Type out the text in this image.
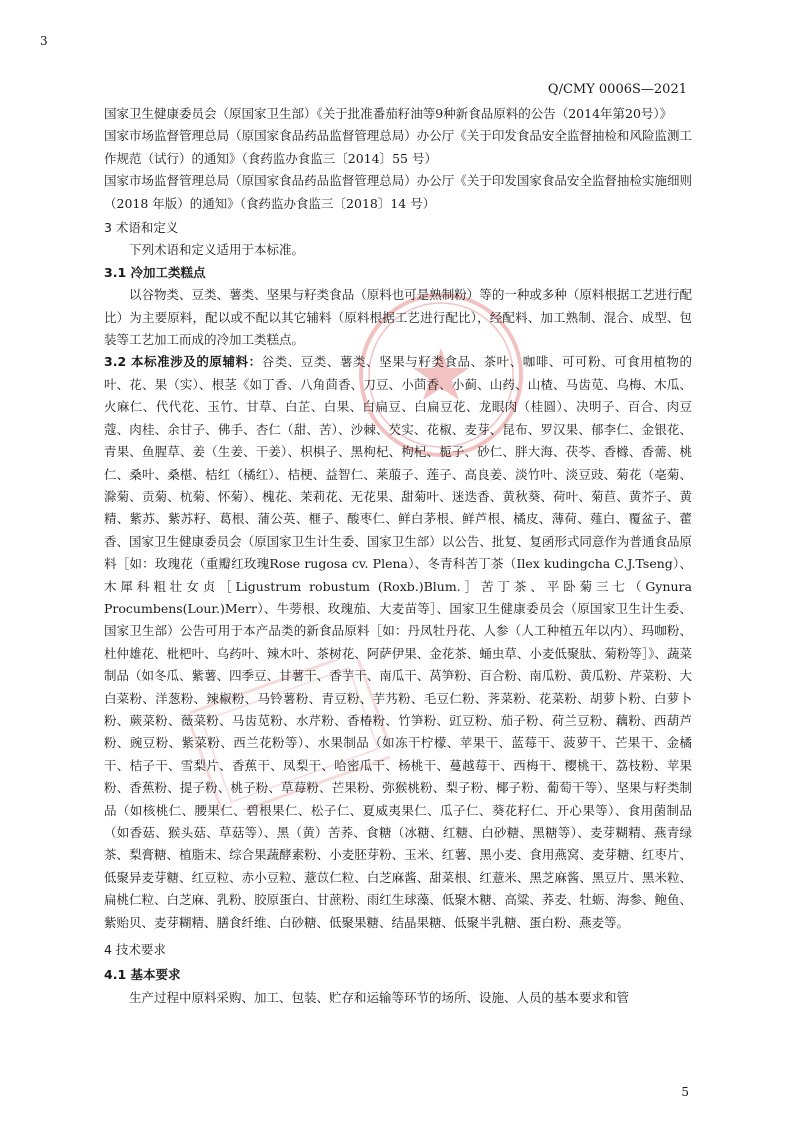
3
Q/CMY 0006S—2021

国家卫生健康委员会（原国家卫生部）《关于批准番茄籽油等9种新食品原料的公告（2014年第20号）》

国家市场监督管理总局（原国家食品药品监督管理总局）办公厅《关于印发食品安全监督抽检和风险监测工作规范（试行）的通知》（食药监办食监三〔2014〕55 号）

国家市场监督管理总局（原国家食品药品监督管理总局）办公厅《关于印发国家食品安全监督抽检实施细则（2018 年版）的通知》（食药监办食监三〔2018〕14 号）

3 术语和定义

下列术语和定义适用于本标准。

3.1 冷加工类糕点

以谷物类、豆类、薯类、坚果与籽类食品（原料也可是熟制粉）等的一种或多种（原料根据工艺进行配比）为主要原料，配以或不配以其它辅料（原料根据工艺进行配比），经配料、加工熟制、混合、成型、包装等工艺加工而成的冷加工类糕点。

3.2 本标准涉及的原辅料：谷类、豆类、薯类、坚果与籽类食品、茶叶、咖啡、可可粉、可食用植物的叶、花、果（实）、根茎《如丁香、八角茴香、刀豆、小茴香、小蓟、山药、山楂、马齿苋、乌梅、木瓜、火麻仁、代代花、玉竹、甘草、白芷、白果、白扁豆、白扁豆花、龙眼肉（桂圆）、决明子、百合、肉豆蔻、肉桂、余甘子、佛手、杏仁（甜、苦）、沙棘、芡实、花椒、麦芽、昆布、罗汉果、郁李仁、金银花、青果、鱼腥草、姜（生姜、干姜）、枳椇子、黑枸杞、枸杞、栀子、砂仁、胖大海、茯苓、香橼、香薷、桃仁、桑叶、桑椹、桔红（橘红）、桔梗、益智仁、莱菔子、莲子、高良姜、淡竹叶、淡豆豉、菊花（亳菊、滁菊、贡菊、杭菊、怀菊）、槐花、茉莉花、无花果、甜菊叶、迷迭香、黄秋葵、荷叶、菊苣、黄芥子、黄精、紫苏、紫苏籽、葛根、蒲公英、榧子、酸枣仁、鲜白茅根、鲜芦根、橘皮、薄荷、薤白、覆盆子、藿香、国家卫生健康委员会（原国家卫生计生委、国家卫生部）以公告、批复、复函形式同意作为普通食品原料［如：玫瑰花（重瓣红玫瑰Rose rugosa cv. Plena）、冬青科苦丁茶（Ilex kudingcha C.J.Tseng）、木犀科粗壮女贞［Ligustrum robustum (Roxb.)Blum.］苦丁茶、平卧菊三七（Gynura Procumbens(Lour.)Merr）、牛蒡根、玫瑰茄、大麦苗等］、国家卫生健康委员会（原国家卫生计生委、国家卫生部）公告可用于本产品类的新食品原料［如：丹凤牡丹花、人参（人工种植五年以内）、玛咖粉、杜仲雄花、枇杷叶、乌药叶、辣木叶、茶树花、阿萨伊果、金花茶、蛹虫草、小麦低聚肽、菊粉等］》、蔬菜制品（如冬瓜、紫薯、四季豆、甘薯干、香芋干、南瓜干、莴笋粉、百合粉、南瓜粉、黄瓜粉、芹菜粉、大白菜粉、洋葱粉、辣椒粉、马铃薯粉、青豆粉、芋艿粉、毛豆仁粉、荠菜粉、花菜粉、胡萝卜粉、白萝卜粉、蕨菜粉、薇菜粉、马齿苋粉、水芹粉、香椿粉、竹笋粉、豇豆粉、茄子粉、荷兰豆粉、藕粉、西葫芦粉、豌豆粉、紫菜粉、西兰花粉等）、水果制品（如冻干柠檬、苹果干、蓝莓干、菠萝干、芒果干、金橘干、桔子干、雪梨片、香蕉干、凤梨干、哈密瓜干、杨桃干、蔓越莓干、西梅干、樱桃干、荔枝粉、苹果粉、香蕉粉、提子粉、桃子粉、草莓粉、芒果粉、弥猴桃粉、梨子粉、椰子粉、葡萄干等）、坚果与籽类制品（如核桃仁、腰果仁、碧根果仁、松子仁、夏威夷果仁、瓜子仁、葵花籽仁、开心果等）、食用菌制品（如香菇、猴头菇、草菇等）、黑（黄）苦荞、食糖（冰糖、红糖、白砂糖、黑糖等）、麦芽糊精、燕青绿茶、梨膏糖、植脂末、综合果蔬酵素粉、小麦胚芽粉、玉米、红薯、黑小麦、食用燕窝、麦芽糖、红枣片、低聚异麦芽糖、红豆粒、赤小豆粒、薏苡仁粒、白芝麻酱、甜菜根、红薏米、黑芝麻酱、黑豆片、黑米粒、扁桃仁粒、白芝麻、乳粉、胶原蛋白、甘蔗粉、雨红生球藻、低聚木糖、高粱、荞麦、牡蛎、海参、鲍鱼、紫贻贝、麦芽糊精、膳食纤维、白砂糖、低聚果糖、结晶果糖、低聚半乳糖、蛋白粉、燕麦等。

4 技术要求

4.1 基本要求

生产过程中原料采购、加工、包装、贮存和运输等环节的场所、设施、人员的基本要求和管

5
